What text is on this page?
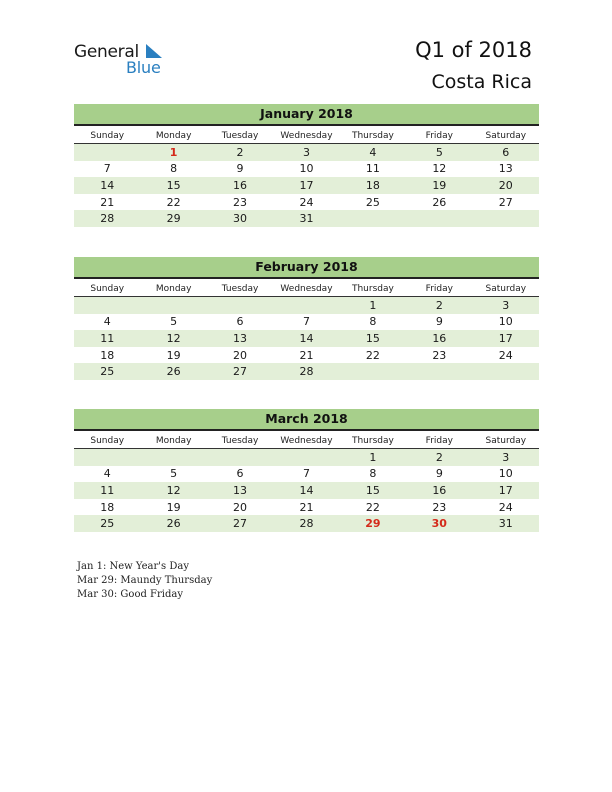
General
Blue
Q1 of 2018
Costa Rica
January 2018
Sunday	Monday	Tuesday	Wednesday	Thursday	Friday	Saturday
	1	2	3	4	5	6
7	8	9	10	11	12	13
14	15	16	17	18	19	20
21	22	23	24	25	26	27
28	29	30	31			
February 2018
Sunday	Monday	Tuesday	Wednesday	Thursday	Friday	Saturday
				1	2	3
4	5	6	7	8	9	10
11	12	13	14	15	16	17
18	19	20	21	22	23	24
25	26	27	28			
March 2018
Sunday	Monday	Tuesday	Wednesday	Thursday	Friday	Saturday
				1	2	3
4	5	6	7	8	9	10
11	12	13	14	15	16	17
18	19	20	21	22	23	24
25	26	27	28	29	30	31
Jan 1: New Year's Day
Mar 29: Maundy Thursday
Mar 30: Good Friday
